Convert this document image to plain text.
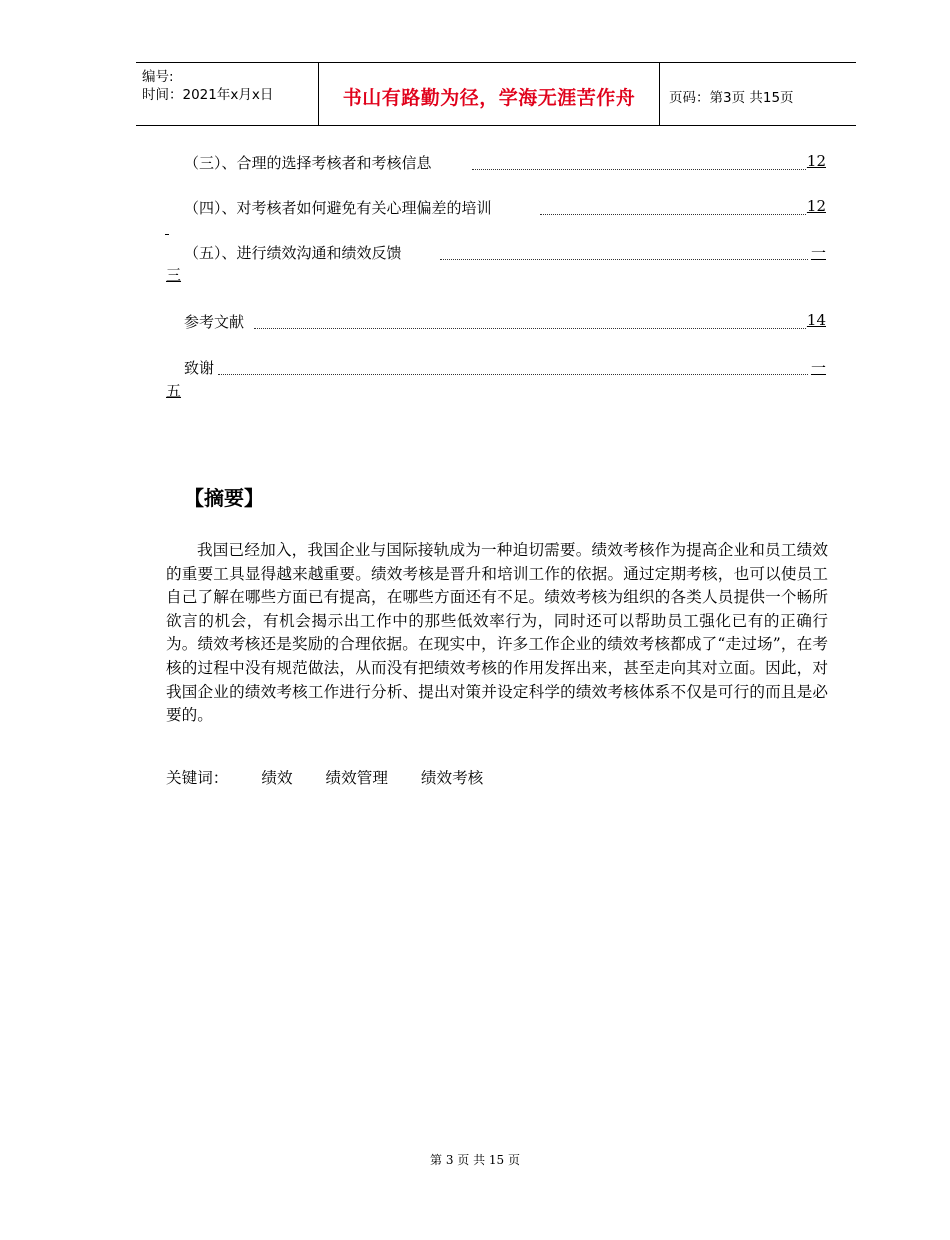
编号:
时间：2021年x月x日	书山有路勤为径，学海无涯苦作舟	页码：第3页 共15页
（三）、合理的选择考核者和考核信息	12
（四）、对考核者如何避免有关心理偏差的培训	12
（五）、进行绩效沟通和绩效反馈	一
三
参考文献	14
致谢	一
五
【摘要】

我国已经加入，我国企业与国际接轨成为一种迫切需要。绩效考核作为提高企业和员工绩效的重要工具显得越来越重要。绩效考核是晋升和培训工作的依据。通过定期考核，也可以使员工自己了解在哪些方面已有提高，在哪些方面还有不足。绩效考核为组织的各类人员提供一个畅所欲言的机会，有机会揭示出工作中的那些低效率行为，同时还可以帮助员工强化已有的正确行为。绩效考核还是奖励的合理依据。在现实中，许多工作企业的绩效考核都成了“走过场”，在考核的过程中没有规范做法，从而没有把绩效考核的作用发挥出来，甚至走向其对立面。因此，对我国企业的绩效考核工作进行分析、提出对策并设定科学的绩效考核体系不仅是可行的而且是必要的。

关键词： 绩效 绩效管理 绩效考核
第 3 页 共 15 页
